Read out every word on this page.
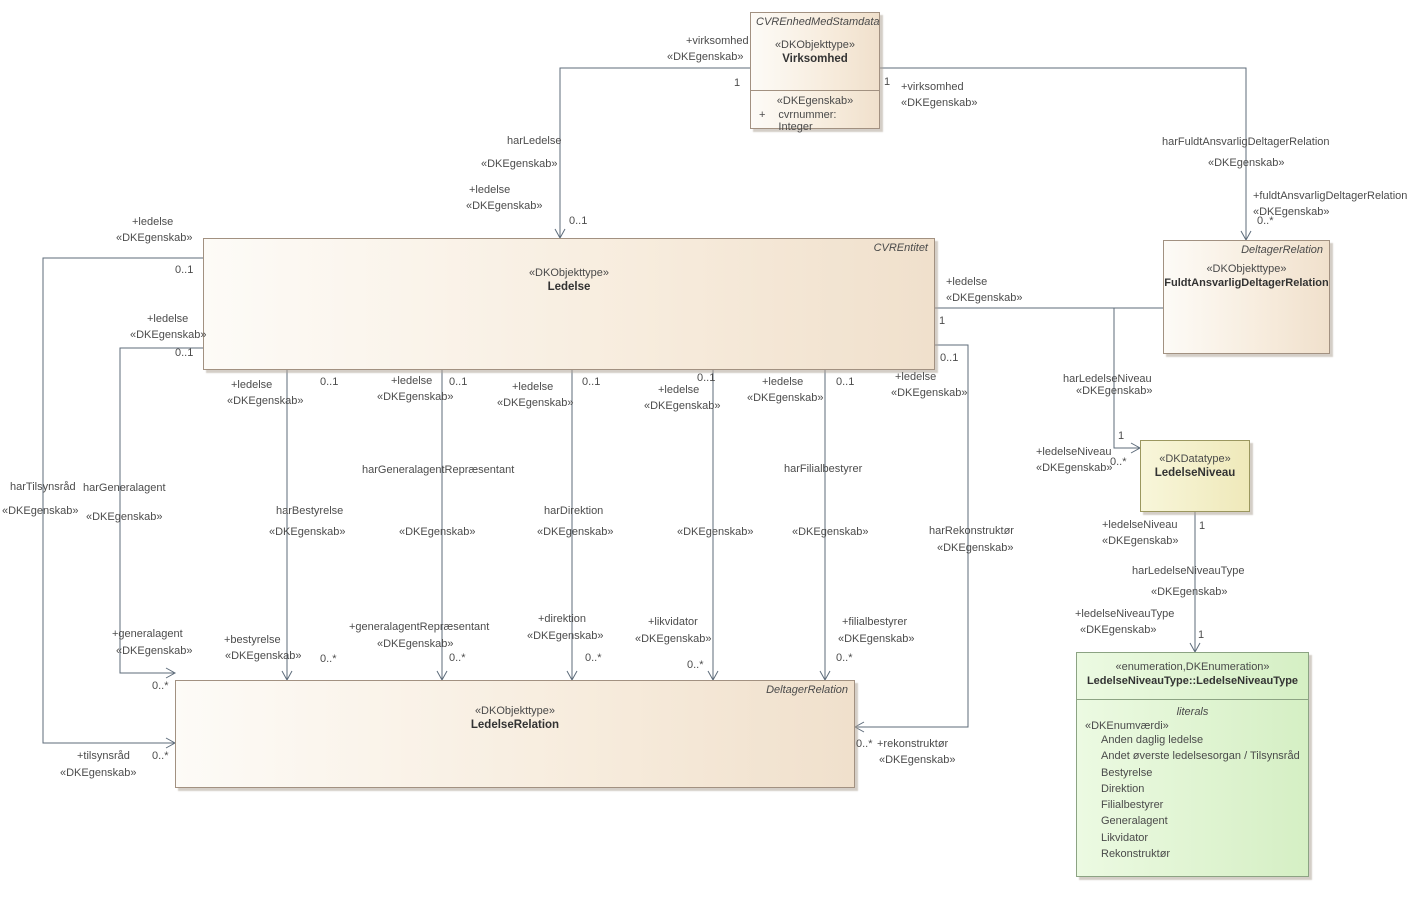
CVREnhedMedStamdata
«DKObjekttype»
Virksomhed
«DKEgenskab»
+	cvrnummer: Integer
CVREntitet
«DKObjekttype»
Ledelse
DeltagerRelation
«DKObjekttype»
FuldtAnsvarligDeltagerRelation
«DKDatatype»
LedelseNiveau
DeltagerRelation
«DKObjekttype»
LedelseRelation
«enumeration,DKEnumeration»
LedelseNiveauType::LedelseNiveauType
literals
«DKEnumværdi»
Anden daglig ledelse
Andet øverste ledelsesorgan / Tilsynsråd
Bestyrelse
Direktion
Filialbestyrer
Generalagent
Likvidator
Rekonstruktør
harLedelse
«DKEgenskab»
+ledelse
«DKEgenskab»
0..1
+virksomhed
«DKEgenskab»
1	1 +virksomhed
«DKEgenskab»
harFuldtAnsvarligDeltagerRelation
«DKEgenskab»
+fuldtAnsvarligDeltagerRelation
«DKEgenskab»
0..*
+ledelse
«DKEgenskab»
0..1
+ledelse
«DKEgenskab»
0..1
harTilsynsråd
«DKEgenskab»
harGeneralagent
«DKEgenskab»
+generalagent
«DKEgenskab»
0..*
+tilsynsråd
«DKEgenskab»
0..*
+ledelse
«DKEgenskab»
0..1
harBestyrelse
«DKEgenskab»
+bestyrelse
«DKEgenskab» 0..*
+ledelse
«DKEgenskab»
0..1
harGeneralagentRepræsentant
«DKEgenskab»
+generalagentRepræsentant
«DKEgenskab»
0..*
+ledelse
«DKEgenskab»
0..1
harDirektion
«DKEgenskab»
+direktion
«DKEgenskab»
0..*
+ledelse
«DKEgenskab»
0..1
«DKEgenskab»
+likvidator
«DKEgenskab»
0..*
+ledelse
«DKEgenskab»
0..1
harFilialbestyrer
«DKEgenskab»
+filialbestyrer
«DKEgenskab»
0..*
0..1
+ledelse
«DKEgenskab»
harRekonstruktør
«DKEgenskab»
0..* +rekonstruktør
«DKEgenskab»
+ledelse
«DKEgenskab»
1
harLedelseNiveau
«DKEgenskab»
+ledelseNiveau
«DKEgenskab»
0..*
1
+ledelseNiveau
«DKEgenskab»
1
harLedelseNiveauType
«DKEgenskab»
+ledelseNiveauType
«DKEgenskab»	1
